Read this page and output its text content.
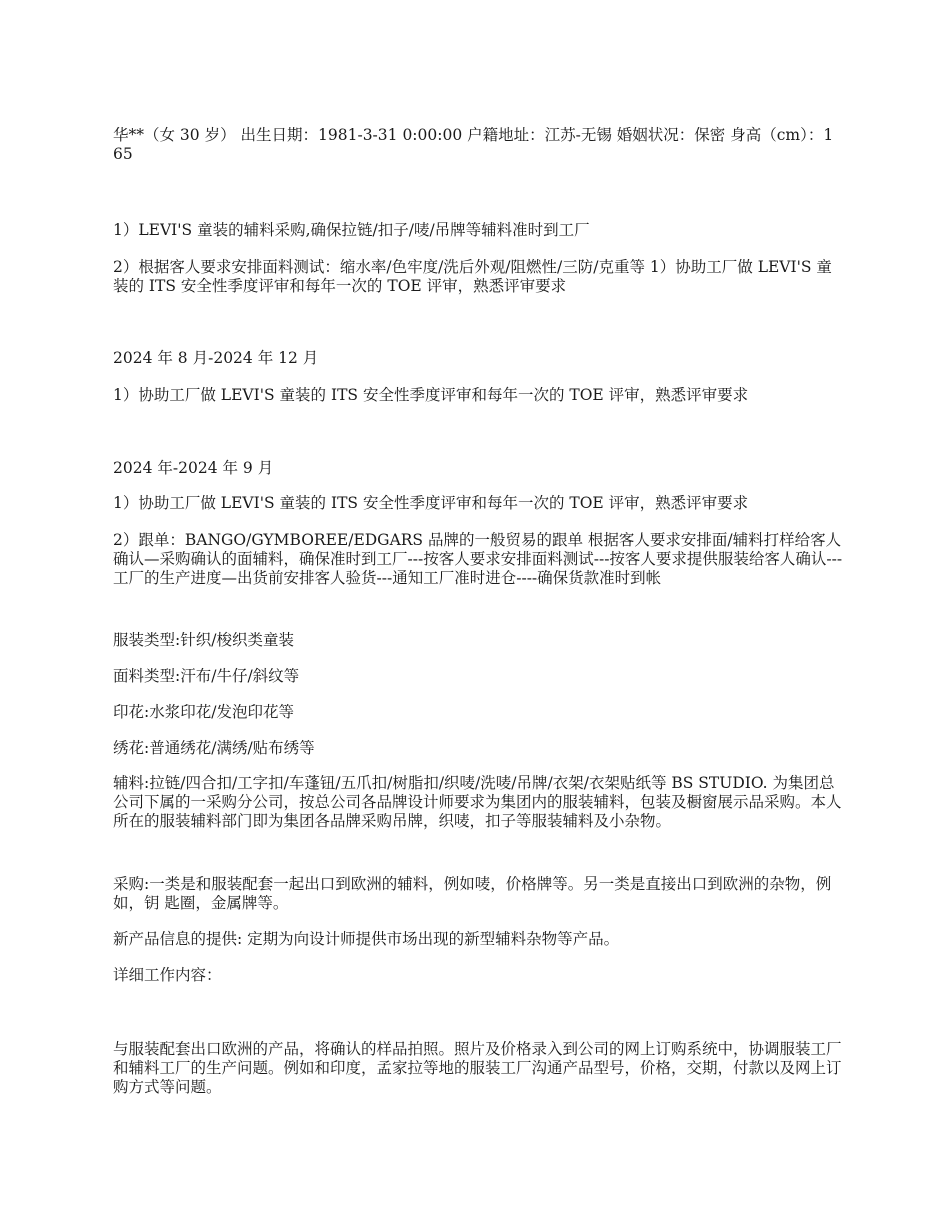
华**（女 30 岁） 出生日期：1981-3-31 0:00:00 户籍地址：江苏-无锡 婚姻状况：保密 身高（cm）：165

1）LEVI'S 童装的辅料采购,确保拉链/扣子/唛/吊牌等辅料准时到工厂

2）根据客人要求安排面料测试：缩水率/色牢度/洗后外观/阻燃性/三防/克重等 1）协助工厂做 LEVI'S 童装的 ITS 安全性季度评审和每年一次的 TOE 评审，熟悉评审要求

2024 年 8 月-2024 年 12 月

1）协助工厂做 LEVI'S 童装的 ITS 安全性季度评审和每年一次的 TOE 评审，熟悉评审要求

2024 年-2024 年 9 月

1）协助工厂做 LEVI'S 童装的 ITS 安全性季度评审和每年一次的 TOE 评审，熟悉评审要求

2）跟单：BANGO/GYMBOREE/EDGARS 品牌的一般贸易的跟单 根据客人要求安排面/辅料打样给客人确认—采购确认的面辅料，确保准时到工厂---按客人要求安排面料测试---按客人要求提供服装给客人确认---工厂的生产进度—出货前安排客人验货---通知工厂准时进仓----确保货款准时到帐

服装类型:针织/梭织类童装

面料类型:汗布/牛仔/斜纹等

印花:水浆印花/发泡印花等

绣花:普通绣花/满绣/贴布绣等

辅料:拉链/四合扣/工字扣/车蓬钮/五爪扣/树脂扣/织唛/洗唛/吊牌/衣架/衣架贴纸等 BS STUDIO. 为集团总公司下属的一采购分公司，按总公司各品牌设计师要求为集团内的服装辅料，包装及橱窗展示品采购。本人所在的服装辅料部门即为集团各品牌采购吊牌，织唛，扣子等服装辅料及小杂物。

采购:一类是和服装配套一起出口到欧洲的辅料，例如唛，价格牌等。另一类是直接出口到欧洲的杂物，例如，钥 匙圈，金属牌等。

新产品信息的提供: 定期为向设计师提供市场出现的新型辅料杂物等产品。

详细工作内容：

与服装配套出口欧洲的产品，将确认的样品拍照。照片及价格录入到公司的网上订购系统中，协调服装工厂和辅料工厂的生产问题。例如和印度，孟家拉等地的服装工厂沟通产品型号，价格，交期，付款以及网上订购方式等问题。
